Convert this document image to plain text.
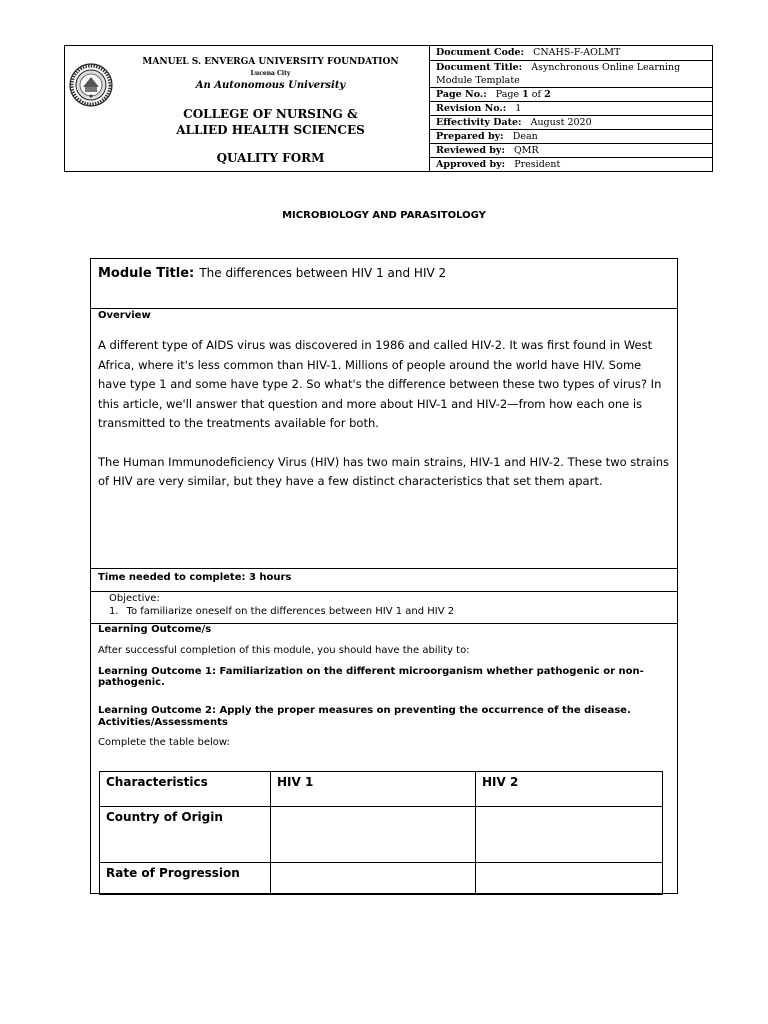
MANUEL S. ENVERGA UNIVERSITY FOUNDATION
Lucena City
An Autonomous University
COLLEGE OF NURSING &
ALLIED HEALTH SCIENCES
QUALITY FORM
Document Code: CNAHS-F-AOLMT
Document Title: Asynchronous Online Learning
Module Template
Page No.: Page 1 of 2
Revision No.: 1
Effectivity Date: August 2020
Prepared by: Dean
Reviewed by: QMR
Approved by: President
MICROBIOLOGY AND PARASITOLOGY
Module Title: The differences between HIV 1 and HIV 2
Overview

A different type of AIDS virus was discovered in 1986 and called HIV-2. It was first found in West Africa, where it's less common than HIV-1. Millions of people around the world have HIV. Some have type 1 and some have type 2. So what's the difference between these two types of virus? In this article, we'll answer that question and more about HIV-1 and HIV-2—from how each one is transmitted to the treatments available for both.

The Human Immunodeficiency Virus (HIV) has two main strains, HIV-1 and HIV-2. These two strains of HIV are very similar, but they have a few distinct characteristics that set them apart.

Time needed to complete: 3 hours
Objective:
1. To familiarize oneself on the differences between HIV 1 and HIV 2
Learning Outcome/s
After successful completion of this module, you should have the ability to:
Learning Outcome 1: Familiarization on the different microorganism whether pathogenic or non-pathogenic.
Learning Outcome 2: Apply the proper measures on preventing the occurrence of the disease.
Activities/Assessments
Complete the table below:
Characteristics	HIV 1	HIV 2
Country of Origin		
Rate of Progression		
